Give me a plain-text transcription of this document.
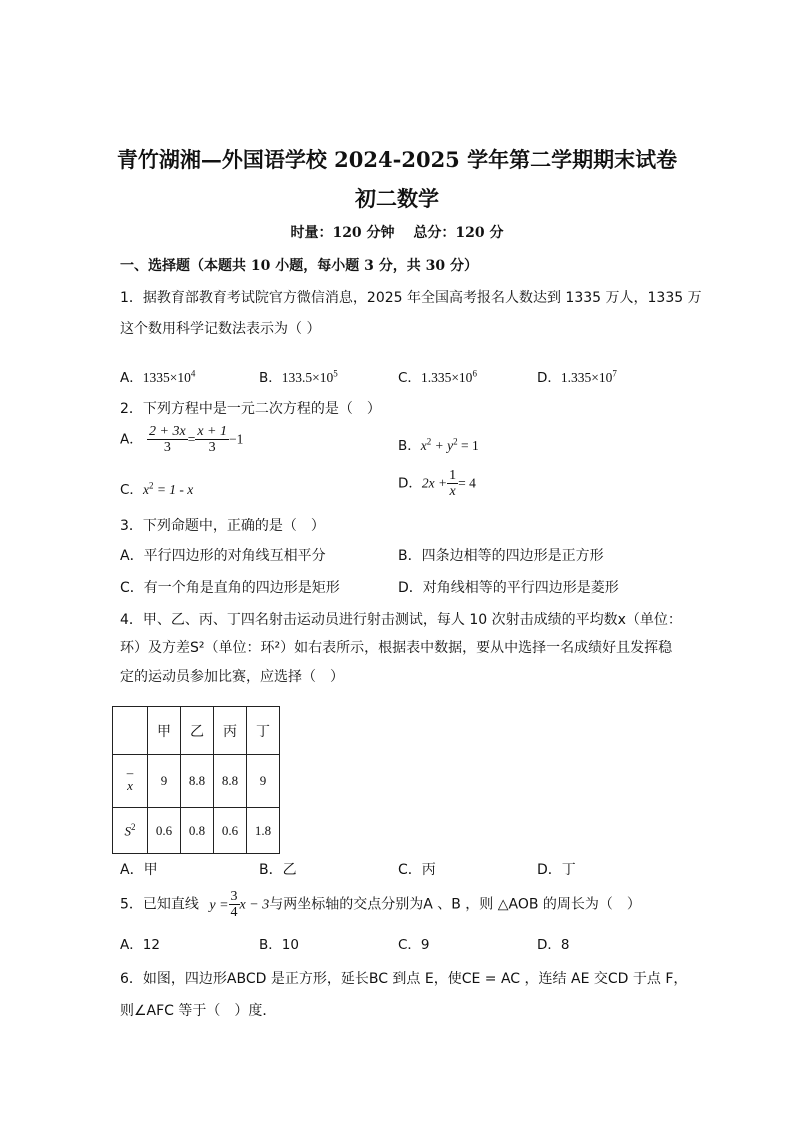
青竹湖湘—外国语学校 2024-2025 学年第二学期期末试卷
初二数学
时量：120 分钟　 总分：120 分
一、选择题（本题共 10 小题，每小题 3 分，共 30 分）
1．据教育部教育考试院官方微信消息，2025 年全国高考报名人数达到 1335 万人，1335 万
这个数用科学记数法表示为（ ）
A．$1335\times 10^4$	B．$133.5\times 10^5$	C．$1.335\times 10^6$	D．$1.335\times 10^7$
2．下列方程中是一元二次方程的是（　）
A． $\frac{2 + 3x}{3} = \frac{x + 1}{3} -1$	B．$x^2 + y^2 = 1$
C．$x^2 = 1 - x$	D．$2x + \frac{1}{x} = 4$
3．下列命题中，正确的是（　）
A．平行四边形的对角线互相平分	B．四条边相等的四边形是正方形
C．有一个角是直角的四边形是矩形	D．对角线相等的平行四边形是菱形
4．甲、乙、丙、丁四名射击运动员进行射击测试，每人 10 次射击成绩的平均数x（单位：
环）及方差S²（单位：环²）如右表所示，根据表中数据，要从中选择一名成绩好且发挥稳
定的运动员参加比赛，应选择（　）
	甲	乙	丙	丁

–
x	9	8.8	8.8	9
$S^2$	0.6	0.8	0.6	1.8
A．甲	B．乙	C．丙	D．丁
5．已知直线 $y = \frac{3}{4}$ x − 3与两坐标轴的交点分别为A 、B ，则 △AOB 的周长为（　）
A．12	B．10	C．9	D．8
6．如图，四边形ABCD 是正方形，延长BC 到点 E，使CE = AC ，连结 AE 交CD 于点 F，
则∠AFC 等于（　）度．
